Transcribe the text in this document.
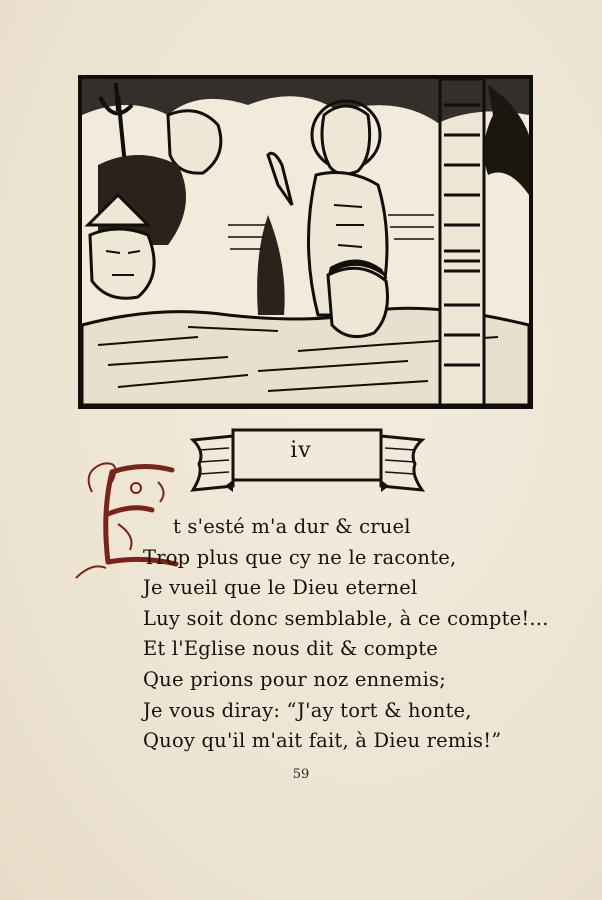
iv
t s'esté m'a dur & cruel
Trop plus que cy ne le raconte,
Je vueil que le Dieu eternel
Luy soit donc semblable, à ce compte!...
Et l'Eglise nous dit & compte
Que prions pour noz ennemis;
Je vous diray: “J'ay tort & honte,
Quoy qu'il m'ait fait, à Dieu remis!”
59
